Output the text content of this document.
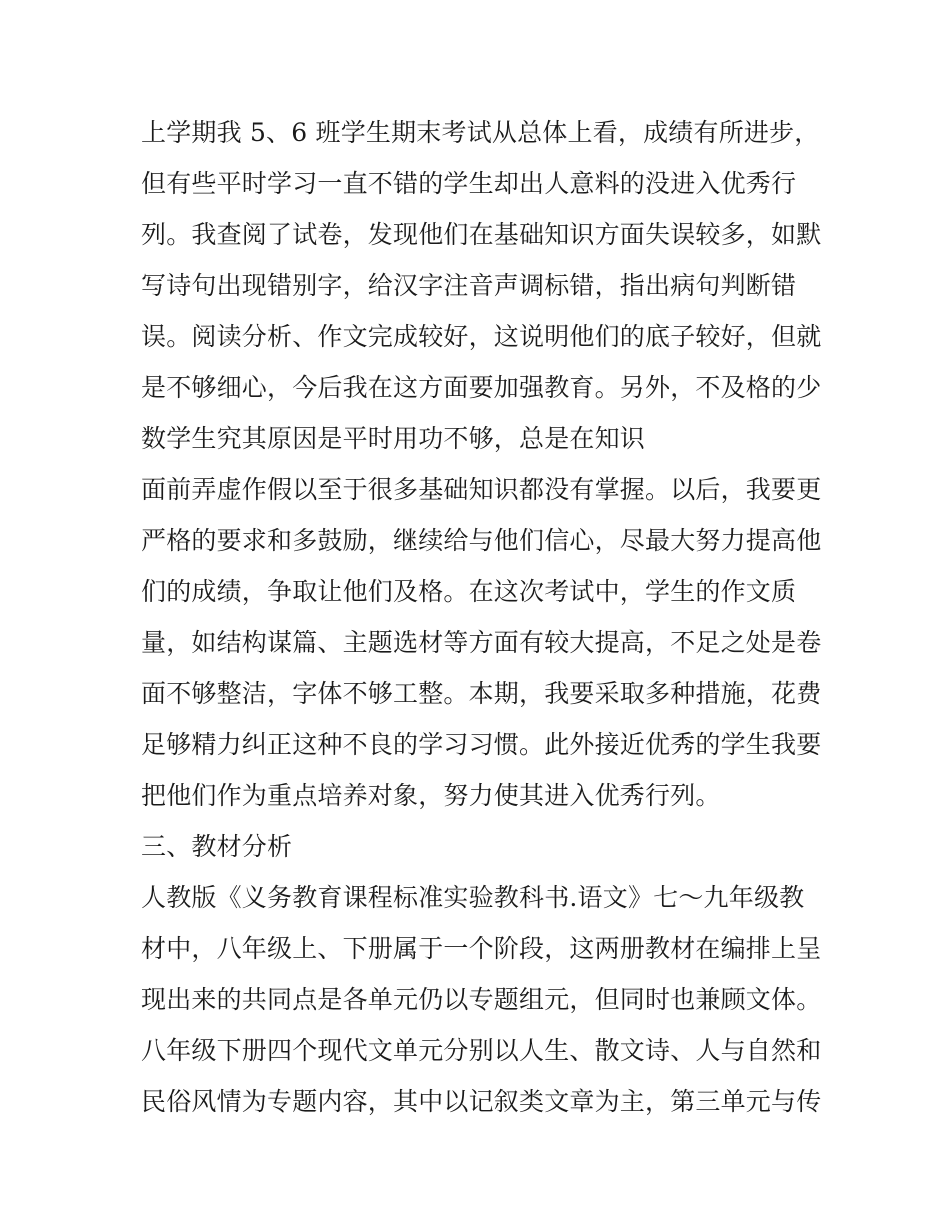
上学期我 5、6 班学生期末考试从总体上看，成绩有所进步，
但有些平时学习一直不错的学生却出人意料的没进入优秀行
列。我查阅了试卷，发现他们在基础知识方面失误较多，如默
写诗句出现错别字，给汉字注音声调标错，指出病句判断错
误。阅读分析、作文完成较好，这说明他们的底子较好，但就
是不够细心，今后我在这方面要加强教育。另外，不及格的少
数学生究其原因是平时用功不够，总是在知识
面前弄虚作假以至于很多基础知识都没有掌握。以后，我要更
严格的要求和多鼓励，继续给与他们信心，尽最大努力提高他
们的成绩，争取让他们及格。在这次考试中，学生的作文质
量，如结构谋篇、主题选材等方面有较大提高，不足之处是卷
面不够整洁，字体不够工整。本期，我要采取多种措施，花费
足够精力纠正这种不良的学习习惯。此外接近优秀的学生我要
把他们作为重点培养对象，努力使其进入优秀行列。
三、教材分析
人教版《义务教育课程标准实验教科书.语文》七～九年级教
材中，八年级上、下册属于一个阶段，这两册教材在编排上呈
现出来的共同点是各单元仍以专题组元，但同时也兼顾文体。
八年级下册四个现代文单元分别以人生、散文诗、人与自然和
民俗风情为专题内容，其中以记叙类文章为主，第三单元与传
